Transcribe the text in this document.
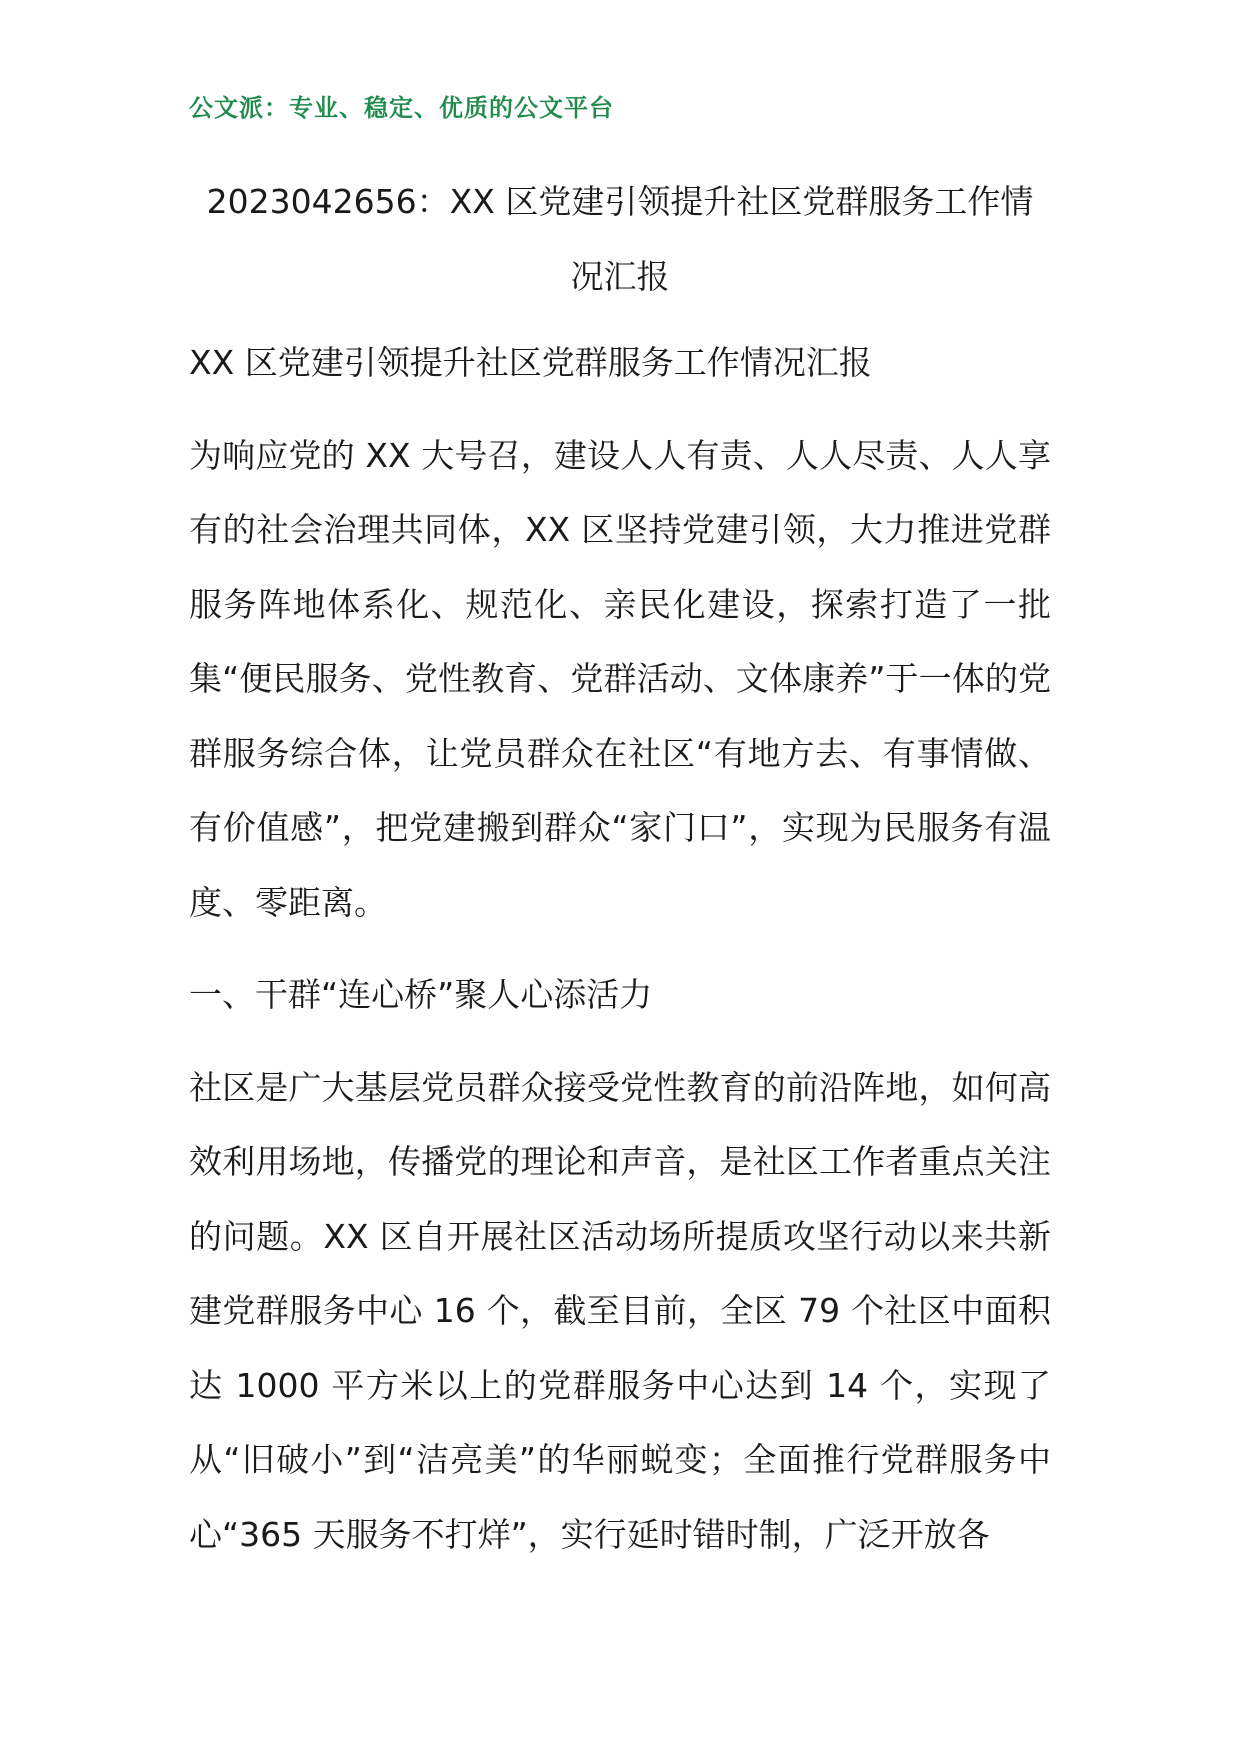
公文派：专业、稳定、优质的公文平台
2023042656：XX 区党建引领提升社区党群服务工作情
况汇报

XX 区党建引领提升社区党群服务工作情况汇报

为响应党的 XX 大号召，建设人人有责、人人尽责、人人享有的社会治理共同体，XX 区坚持党建引领，大力推进党群服务阵地体系化、规范化、亲民化建设，探索打造了一批集“便民服务、党性教育、党群活动、文体康养”于一体的党群服务综合体，让党员群众在社区“有地方去、有事情做、有价值感”，把党建搬到群众“家门口”，实现为民服务有温度、零距离。

一、干群“连心桥”聚人心添活力

社区是广大基层党员群众接受党性教育的前沿阵地，如何高效利用场地，传播党的理论和声音，是社区工作者重点关注的问题。XX 区自开展社区活动场所提质攻坚行动以来共新建党群服务中心 16 个，截至目前，全区 79 个社区中面积达 1000 平方米以上的党群服务中心达到 14 个，实现了从“旧破小”到“洁亮美”的华丽蜕变；全面推行党群服务中心“365 天服务不打烊”，实行延时错时制，广泛开放各
